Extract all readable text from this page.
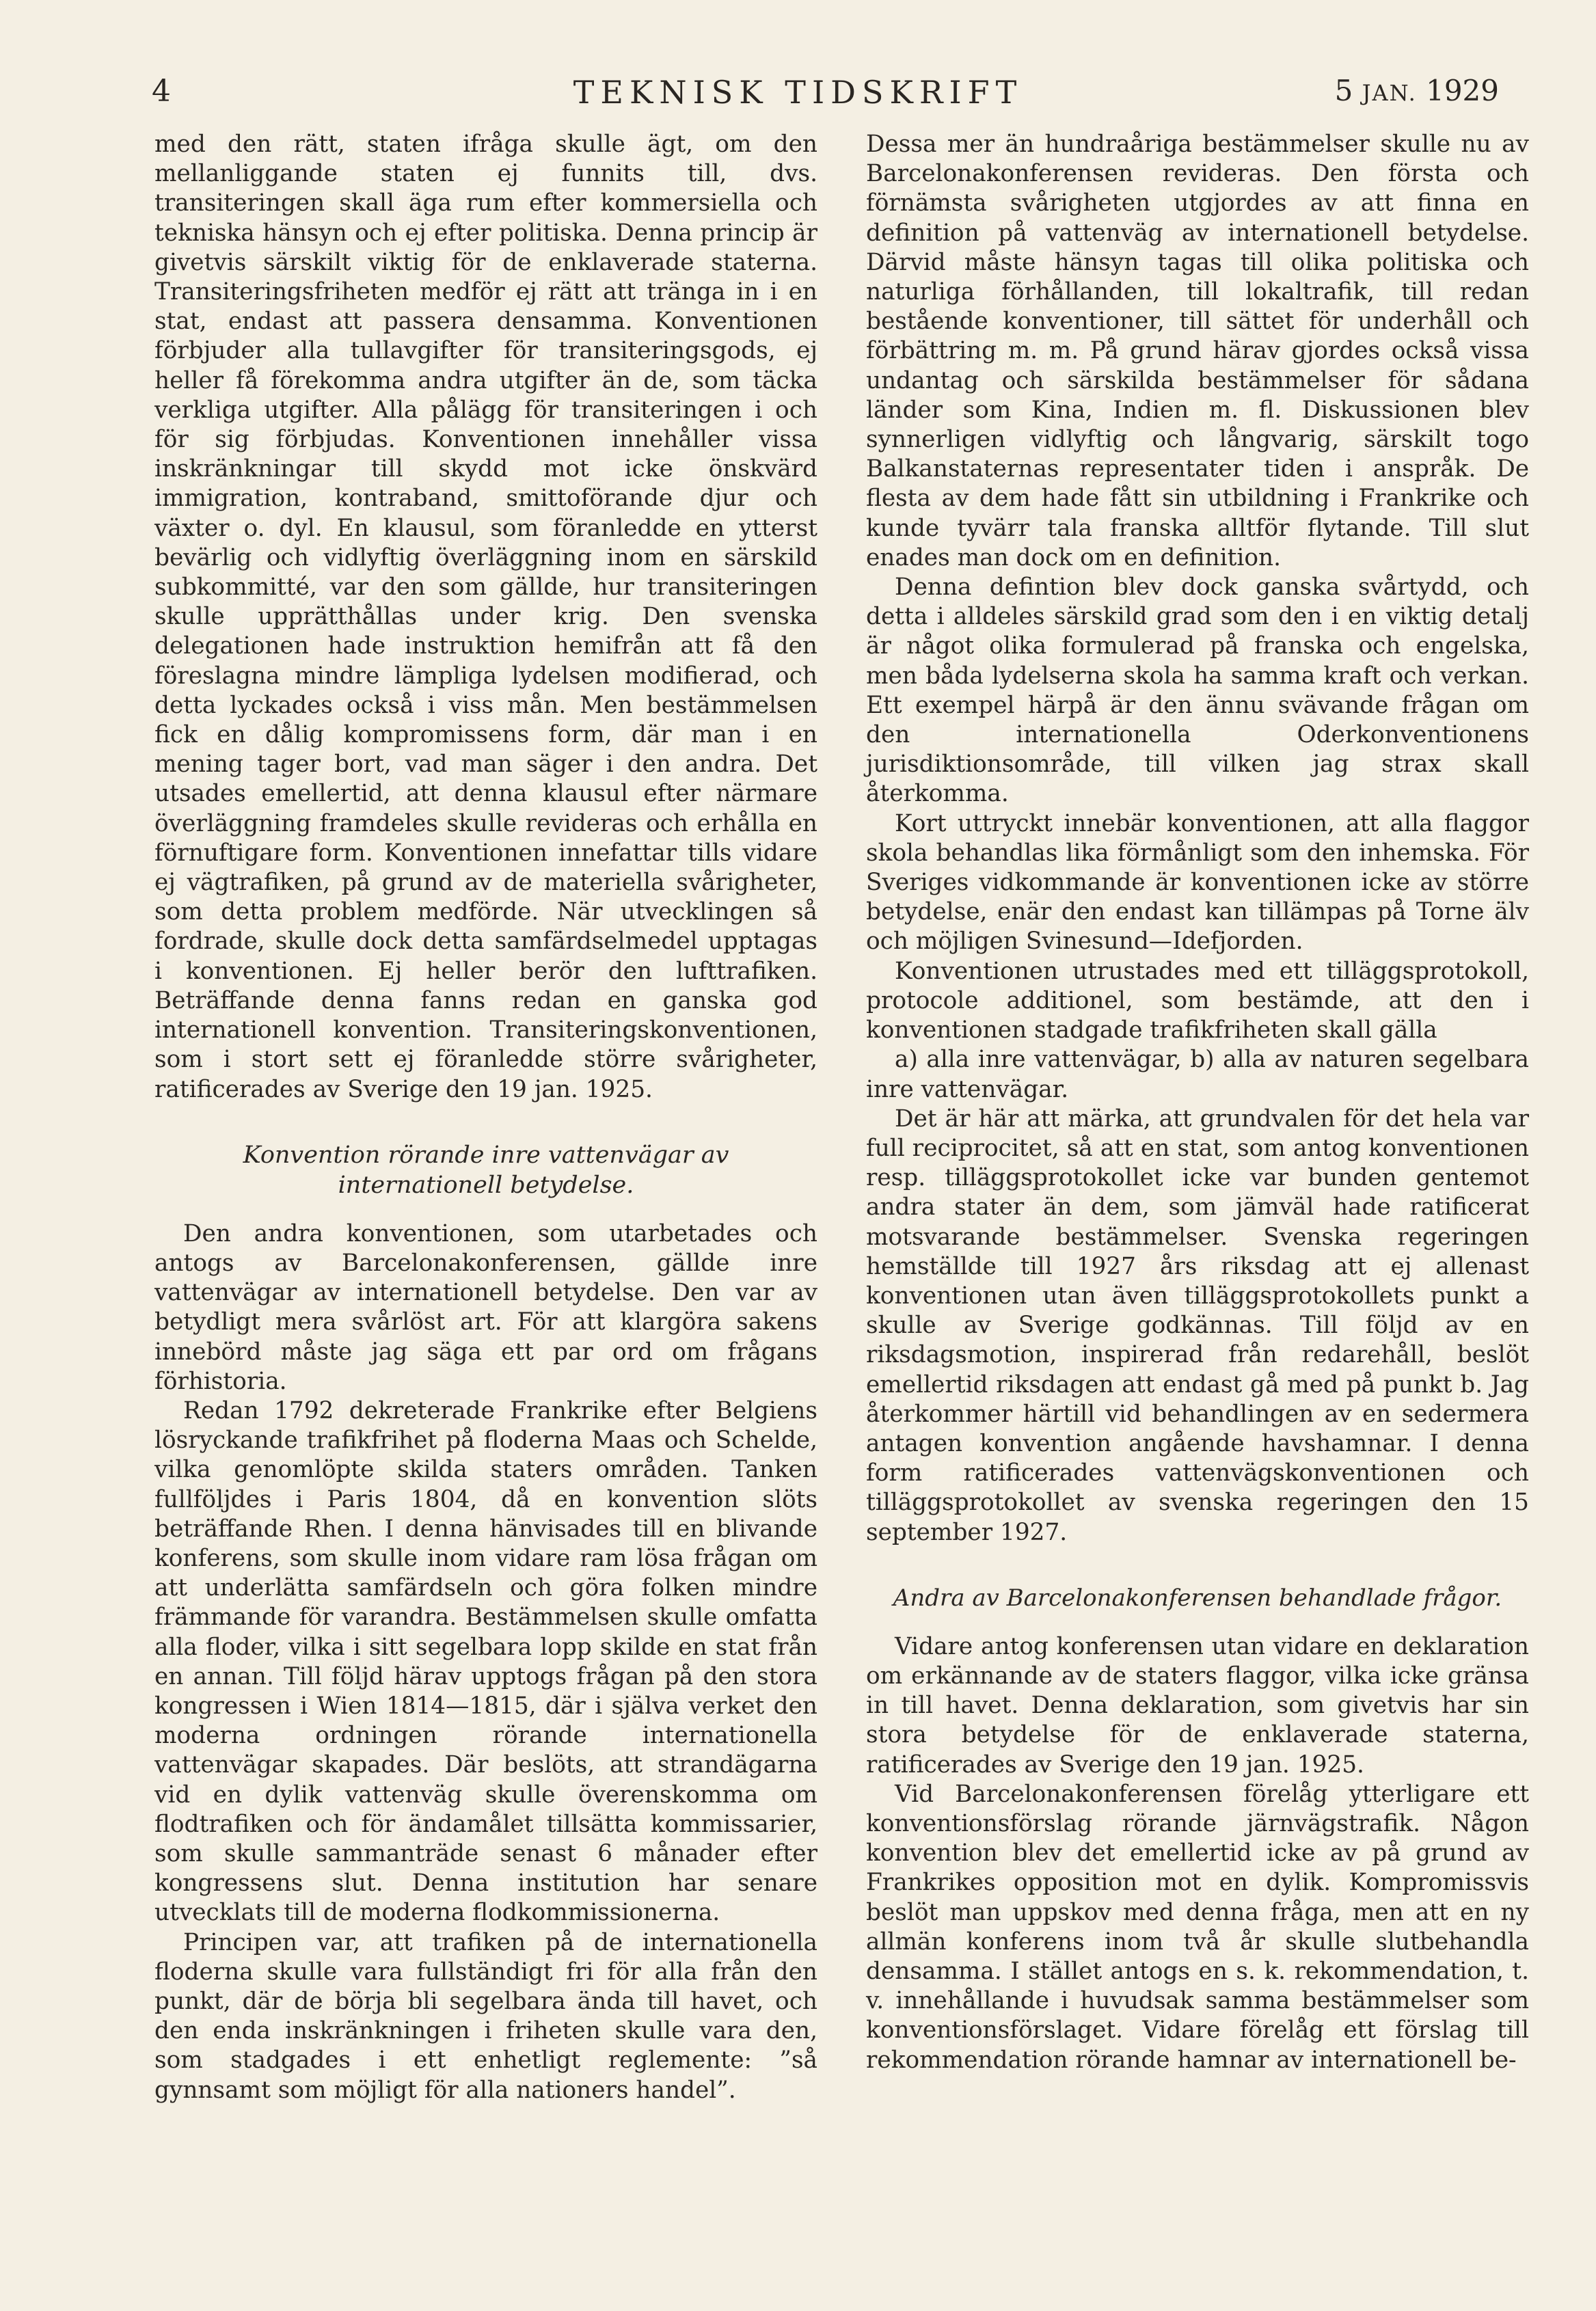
4	TEKNISK TIDSKRIFT	5 JAN. 1929

med den rätt, staten ifråga skulle ägt, om den mellanliggande staten ej funnits till, dvs. transiteringen skall äga rum efter kommersiella och tekniska hänsyn och ej efter politiska. Denna princip är givetvis särskilt viktig för de enklaverade staterna. Transiteringsfriheten medför ej rätt att tränga in i en stat, endast att passera densamma. Konventionen förbjuder alla tullavgifter för transiteringsgods, ej heller få förekomma andra utgifter än de, som täcka verkliga utgifter. Alla pålägg för transiteringen i och för sig förbjudas. Konventionen innehåller vissa inskränkningar till skydd mot icke önskvärd immigration, kontraband, smittoförande djur och växter o. dyl. En klausul, som föranledde en ytterst bevärlig och vidlyftig överläggning inom en särskild subkommitté, var den som gällde, hur transiteringen skulle upprätthållas under krig. Den svenska delegationen hade instruktion hemifrån att få den föreslagna mindre lämpliga lydelsen modifierad, och detta lyckades också i viss mån. Men bestämmelsen fick en dålig kompromissens form, där man i en mening tager bort, vad man säger i den andra. Det utsades emellertid, att denna klausul efter närmare överläggning framdeles skulle revideras och erhålla en förnuftigare form. Konventionen innefattar tills vidare ej vägtrafiken, på grund av de materiella svårigheter, som detta problem medförde. När utvecklingen så fordrade, skulle dock detta samfärdselmedel upptagas i konventionen. Ej heller berör den lufttrafiken. Beträffande denna fanns redan en ganska god internationell konvention. Transiteringskonventionen, som i stort sett ej föranledde större svårigheter, ratificerades av Sverige den 19 jan. 1925.

Konvention rörande inre vattenvägar av internationell betydelse.

Den andra konventionen, som utarbetades och antogs av Barcelonakonferensen, gällde inre vattenvägar av internationell betydelse. Den var av betydligt mera svårlöst art. För att klargöra sakens innebörd måste jag säga ett par ord om frågans förhistoria.

Redan 1792 dekreterade Frankrike efter Belgiens lösryckande trafikfrihet på floderna Maas och Schelde, vilka genomlöpte skilda staters områden. Tanken fullföljdes i Paris 1804, då en konvention slöts beträffande Rhen. I denna hänvisades till en blivande konferens, som skulle inom vidare ram lösa frågan om att underlätta samfärdseln och göra folken mindre främmande för varandra. Bestämmelsen skulle omfatta alla floder, vilka i sitt segelbara lopp skilde en stat från en annan. Till följd härav upptogs frågan på den stora kongressen i Wien 1814—1815, där i själva verket den moderna ordningen rörande internationella vattenvägar skapades. Där beslöts, att strandägarna vid en dylik vattenväg skulle överenskomma om flodtrafiken och för ändamålet tillsätta kommissarier, som skulle sammanträde senast 6 månader efter kongressens slut. Denna institution har senare utvecklats till de moderna flodkommissionerna.

Principen var, att trafiken på de internationella floderna skulle vara fullständigt fri för alla från den punkt, där de börja bli segelbara ända till havet, och den enda inskränkningen i friheten skulle vara den, som stadgades i ett enhetligt reglemente: ”så gynnsamt som möjligt för alla nationers handel”.

Dessa mer än hundraåriga bestämmelser skulle nu av Barcelonakonferensen revideras. Den första och förnämsta svårigheten utgjordes av att finna en definition på vattenväg av internationell betydelse. Därvid måste hänsyn tagas till olika politiska och naturliga förhållanden, till lokaltrafik, till redan bestående konventioner, till sättet för underhåll och förbättring m. m. På grund härav gjordes också vissa undantag och särskilda bestämmelser för sådana länder som Kina, Indien m. fl. Diskussionen blev synnerligen vidlyftig och långvarig, särskilt togo Balkanstaternas representater tiden i anspråk. De flesta av dem hade fått sin utbildning i Frankrike och kunde tyvärr tala franska alltför flytande. Till slut enades man dock om en definition.

Denna defintion blev dock ganska svårtydd, och detta i alldeles särskild grad som den i en viktig detalj är något olika formulerad på franska och engelska, men båda lydelserna skola ha samma kraft och verkan. Ett exempel härpå är den ännu svävande frågan om den internationella Oderkonventionens jurisdiktionsområde, till vilken jag strax skall återkomma.

Kort uttryckt innebär konventionen, att alla flaggor skola behandlas lika förmånligt som den inhemska. För Sveriges vidkommande är konventionen icke av större betydelse, enär den endast kan tillämpas på Torne älv och möjligen Svinesund—Idefjorden.

Konventionen utrustades med ett tilläggsprotokoll, protocole additionel, som bestämde, att den i konventionen stadgade trafikfriheten skall gälla

a) alla inre vattenvägar, b) alla av naturen segelbara inre vattenvägar.

Det är här att märka, att grundvalen för det hela var full reciprocitet, så att en stat, som antog konventionen resp. tilläggsprotokollet icke var bunden gentemot andra stater än dem, som jämväl hade ratificerat motsvarande bestämmelser. Svenska regeringen hemställde till 1927 års riksdag att ej allenast konventionen utan även tilläggsprotokollets punkt a skulle av Sverige godkännas. Till följd av en riksdagsmotion, inspirerad från redarehåll, beslöt emellertid riksdagen att endast gå med på punkt b. Jag återkommer härtill vid behandlingen av en sedermera antagen konvention angående havshamnar. I denna form ratificerades vattenvägskonventionen och tilläggsprotokollet av svenska regeringen den 15 september 1927.

Andra av Barcelonakonferensen behandlade frågor.

Vidare antog konferensen utan vidare en deklaration om erkännande av de staters flaggor, vilka icke gränsa in till havet. Denna deklaration, som givetvis har sin stora betydelse för de enklaverade staterna, ratificerades av Sverige den 19 jan. 1925.

Vid Barcelonakonferensen förelåg ytterligare ett konventionsförslag rörande järnvägstrafik. Någon konvention blev det emellertid icke av på grund av Frankrikes opposition mot en dylik. Kompromissvis beslöt man uppskov med denna fråga, men att en ny allmän konferens inom två år skulle slutbehandla densamma. I stället antogs en s. k. rekommendation, t. v. innehållande i huvudsak samma bestämmelser som konventionsförslaget. Vidare förelåg ett förslag till rekommendation rörande hamnar av internationell be-
